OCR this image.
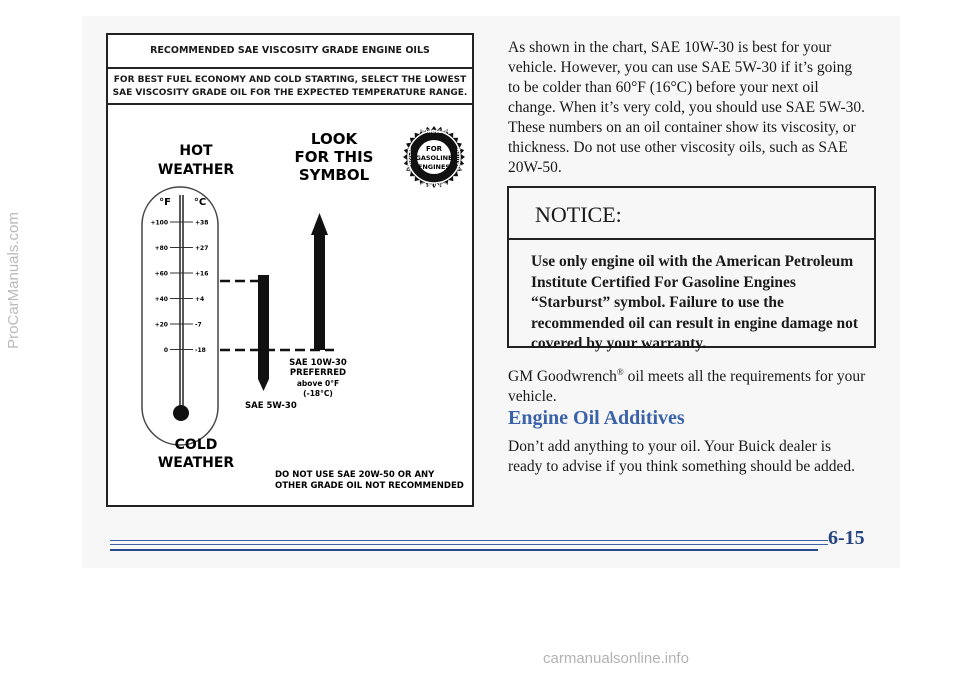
ProCarManuals.com
RECOMMENDED SAE VISCOSITY GRADE ENGINE OILS
FOR BEST FUEL ECONOMY AND COLD STARTING, SELECT THE LOWEST
SAE VISCOSITY GRADE OIL FOR THE EXPECTED TEMPERATURE RANGE.
HOT
WEATHER
LOOK
FOR THIS
SYMBOL
PETROLEUM
CERTIFIED
AMERICAN	INSTITUTE
FOR
GASOLINE
ENGINES
°F °C
+100	+38
+80	+27
+60	+16
+40	+4
+20	-7
0	-18
SAE 5W-30
SAE 10W-30
PREFERRED
above 0°F
(-18°C)
COLD
WEATHER
DO NOT USE SAE 20W-50 OR ANY
OTHER GRADE OIL NOT RECOMMENDED

As shown in the chart, SAE 10W-30 is best for your vehicle. However, you can use SAE 5W-30 if it’s going to be colder than 60°F (16°C) before your next oil change. When it’s very cold, you should use SAE 5W-30. These numbers on an oil container show its viscosity, or thickness. Do not use other viscosity oils, such as SAE 20W-50.

NOTICE:
Use only engine oil with the American Petroleum Institute Certified For Gasoline Engines “Starburst” symbol. Failure to use the recommended oil can result in engine damage not covered by your warranty.

GM Goodwrench® oil meets all the requirements for your vehicle.

Engine Oil Additives

Don’t add anything to your oil. Your Buick dealer is ready to advise if you think something should be added.

6-15
carmanualsonline.info
